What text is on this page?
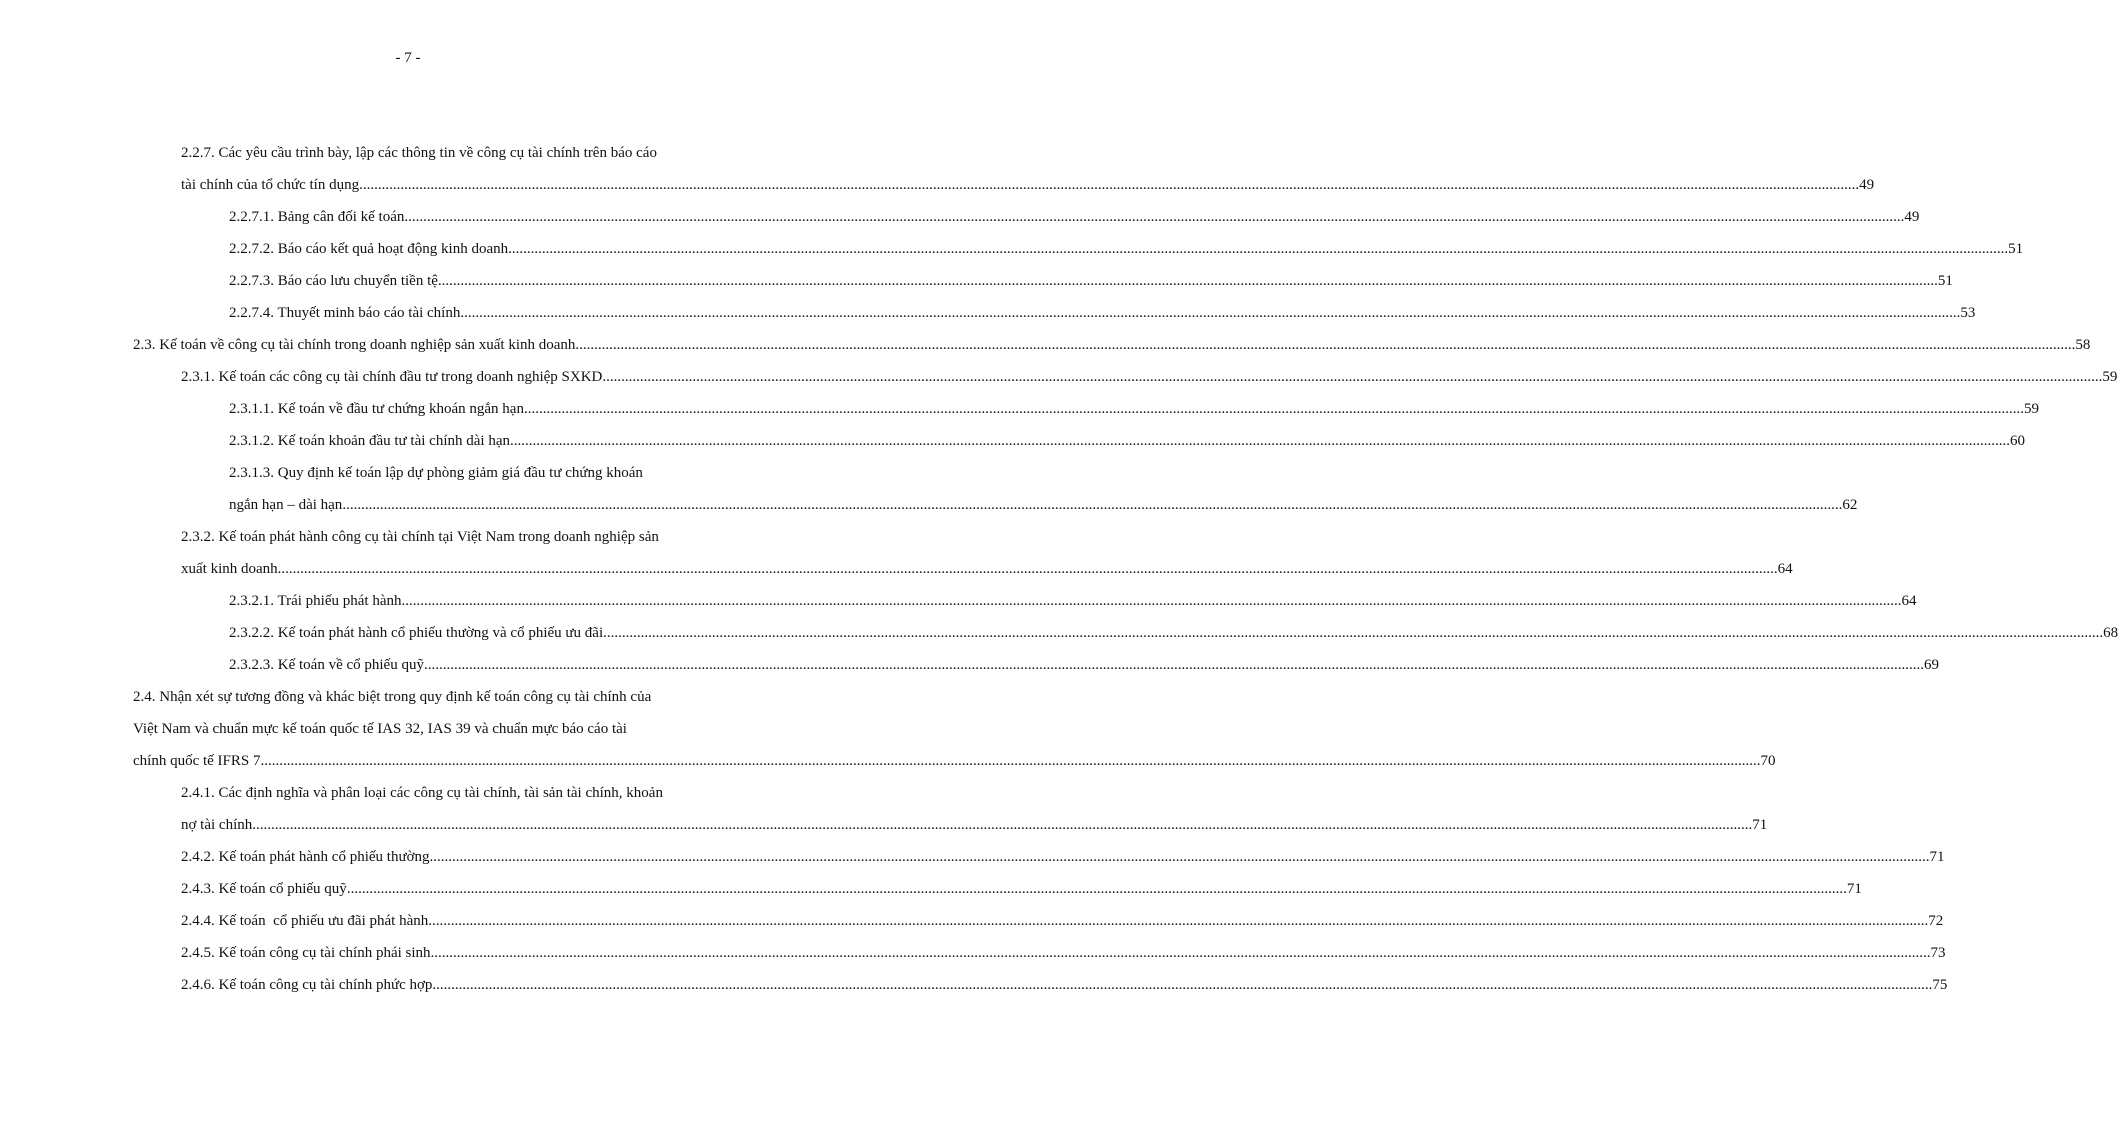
- 7 -
2.2.7. Các yêu cầu trình bày, lập các thông tin về công cụ tài chính trên báo cáo
tài chính của tổ chức tín dụng ................................................................................................................................................................................................................................................................................................................................................................................................................ 49
2.2.7.1. Bảng cân đối kế toán ................................................................................................................................................................................................................................................................................................................................................................................................................ 49
2.2.7.2. Báo cáo kết quả hoạt động kinh doanh ................................................................................................................................................................................................................................................................................................................................................................................................................ 51
2.2.7.3. Báo cáo lưu chuyển tiền tệ ................................................................................................................................................................................................................................................................................................................................................................................................................ 51
2.2.7.4. Thuyết minh báo cáo tài chính ................................................................................................................................................................................................................................................................................................................................................................................................................ 53
2.3. Kế toán về công cụ tài chính trong doanh nghiệp sản xuất kinh doanh ................................................................................................................................................................................................................................................................................................................................................................................................................ 58
2.3.1. Kế toán các công cụ tài chính đầu tư trong doanh nghiệp SXKD ................................................................................................................................................................................................................................................................................................................................................................................................................ 59
2.3.1.1. Kế toán về đầu tư chứng khoán ngắn hạn ................................................................................................................................................................................................................................................................................................................................................................................................................ 59
2.3.1.2. Kế toán khoản đầu tư tài chính dài hạn ................................................................................................................................................................................................................................................................................................................................................................................................................ 60
2.3.1.3. Quy định kế toán lập dự phòng giảm giá đầu tư chứng khoán
ngắn hạn – dài hạn ................................................................................................................................................................................................................................................................................................................................................................................................................ 62
2.3.2. Kế toán phát hành công cụ tài chính tại Việt Nam trong doanh nghiệp sản
xuất kinh doanh ................................................................................................................................................................................................................................................................................................................................................................................................................ 64
2.3.2.1. Trái phiếu phát hành ................................................................................................................................................................................................................................................................................................................................................................................................................ 64
2.3.2.2. Kế toán phát hành cổ phiếu thường và cổ phiếu ưu đãi ................................................................................................................................................................................................................................................................................................................................................................................................................ 68
2.3.2.3. Kế toán về cổ phiếu quỹ ................................................................................................................................................................................................................................................................................................................................................................................................................ 69
2.4. Nhận xét sự tương đồng và khác biệt trong quy định kế toán công cụ tài chính của
Việt Nam và chuẩn mực kế toán quốc tế IAS 32, IAS 39 và chuẩn mực báo cáo tài
chính quốc tế IFRS 7 ................................................................................................................................................................................................................................................................................................................................................................................................................ 70
2.4.1. Các định nghĩa và phân loại các công cụ tài chính, tài sản tài chính, khoản
nợ tài chính ................................................................................................................................................................................................................................................................................................................................................................................................................ 71
2.4.2. Kế toán phát hành cổ phiếu thường ................................................................................................................................................................................................................................................................................................................................................................................................................ 71
2.4.3. Kế toán cổ phiếu quỹ ................................................................................................................................................................................................................................................................................................................................................................................................................ 71
2.4.4. Kế toán  cổ phiếu ưu đãi phát hành ................................................................................................................................................................................................................................................................................................................................................................................................................ 72
2.4.5. Kế toán công cụ tài chính phái sinh ................................................................................................................................................................................................................................................................................................................................................................................................................ 73
2.4.6. Kế toán công cụ tài chính phức hợp ................................................................................................................................................................................................................................................................................................................................................................................................................ 75
